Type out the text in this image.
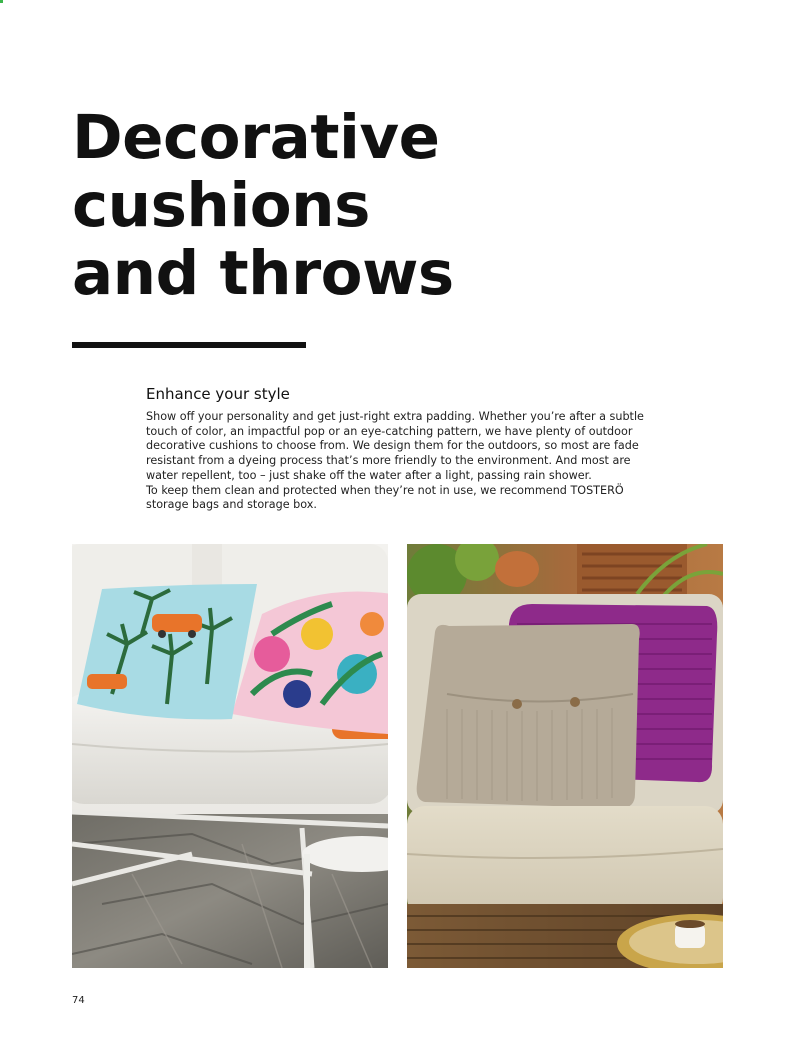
Decorative
cushions
and throws
Enhance your style

Show off your personality and get just-right extra padding. Whether you’re after a subtle

touch of color, an impactful pop or an eye-catching pattern, we have plenty of outdoor

decorative cushions to choose from. We design them for the outdoors, so most are fade

resistant from a dyeing process that’s more friendly to the environment. And most are

water repellent, too – just shake off the water after a light, passing rain shower.

To keep them clean and protected when they’re not in use, we recommend TOSTERÖ

storage bags and storage box.

74
